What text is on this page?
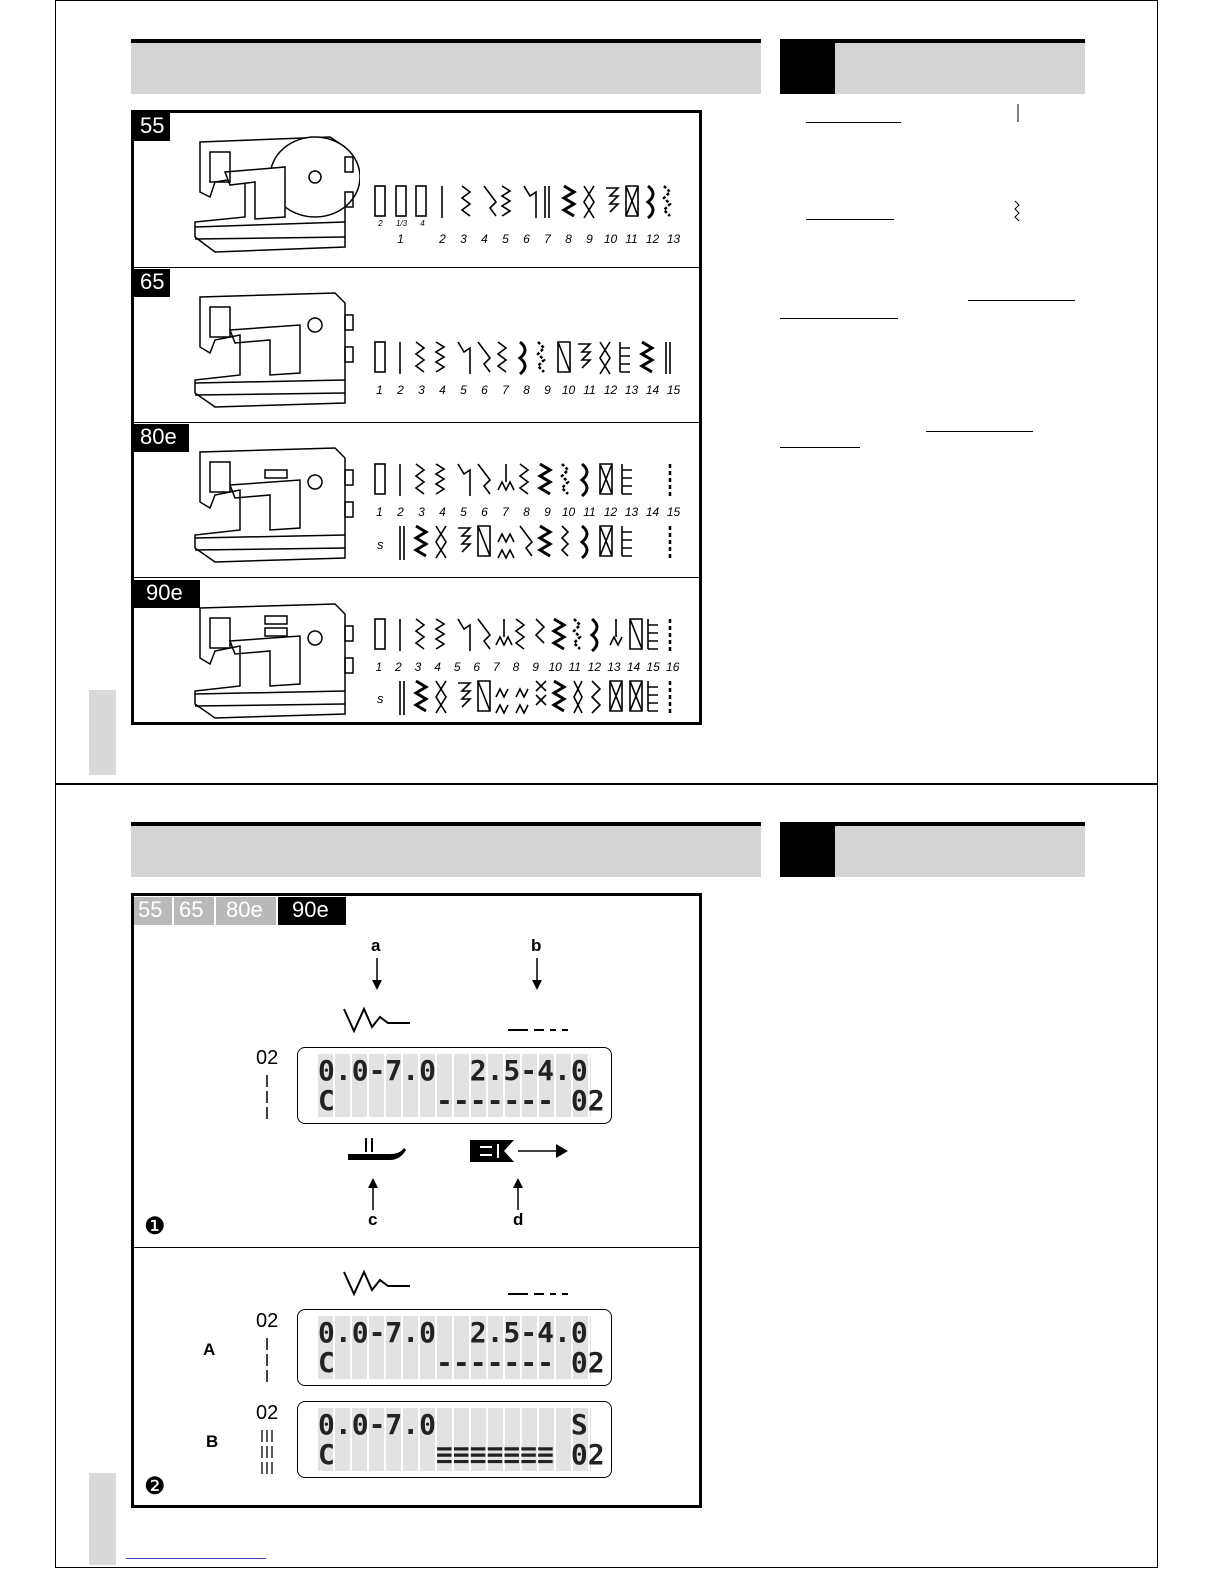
55
65
80e
90e
2 1/3 4
1	2 3 4 5 6 7 8 9 10 11 12 13
1 2 3 4 5 6 7 8 9 10 11 12 13 14 15
1 2 3 4 5 6 7 8 9 10 11 12 13 14 15
s
1 2 3 4 5 6 7 8 9 10 11 12 13 14 15 16
s
55 65	80e	90e
a	b
02 0.0-7.0  2.5-4.0
C      ------- 02
c	d
❶
A
02 0.0-7.0  2.5-4.0
C      ------- 02
B
02 0.0-7.0        S
C      ≡≡≡≡≡≡≡ 02
❷
